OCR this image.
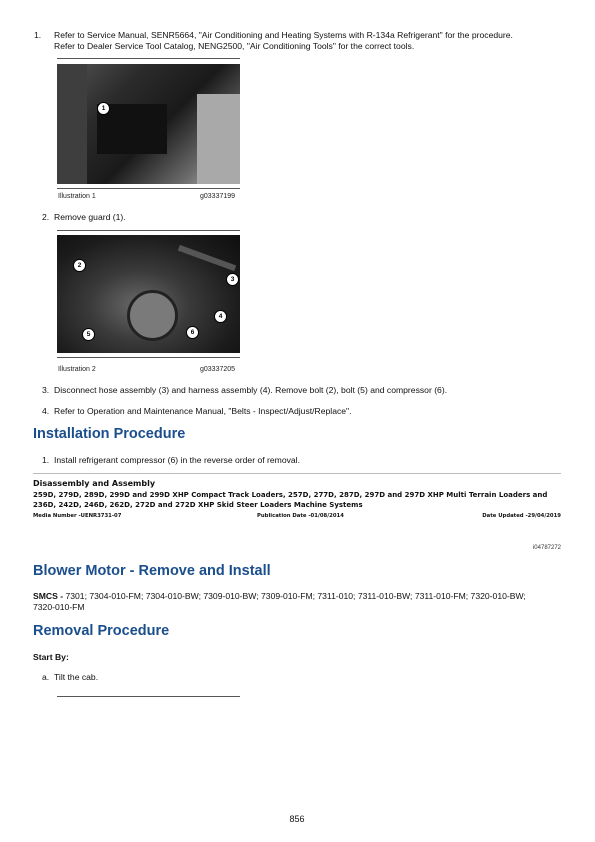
1. Refer to Service Manual, SENR5664, "Air Conditioning and Heating Systems with R-134a Refrigerant" for the procedure.
Refer to Dealer Service Tool Catalog, NENG2500, "Air Conditioning Tools" for the correct tools.
1
Illustration 1	g03337199
2. Remove guard (1).
2
3
4
5	6
Illustration 2	g03337205
3. Disconnect hose assembly (3) and harness assembly (4). Remove bolt (2), bolt (5) and compressor (6).
4. Refer to Operation and Maintenance Manual, "Belts - Inspect/Adjust/Replace".
Installation Procedure
1. Install refrigerant compressor (6) in the reverse order of removal.
Disassembly and Assembly
259D, 279D, 289D, 299D and 299D XHP Compact Track Loaders, 257D, 277D, 287D, 297D and 297D XHP Multi Terrain Loaders and 236D, 242D, 246D, 262D, 272D and 272D XHP Skid Steer Loaders Machine Systems
Media Number -UENR3731-07	Publication Date -01/08/2014	Date Updated -29/04/2019
i04787272
Blower Motor - Remove and Install
SMCS - 7301; 7304-010-FM; 7304-010-BW; 7309-010-BW; 7309-010-FM; 7311-010; 7311-010-BW; 7311-010-FM; 7320-010-BW;
7320-010-FM
Removal Procedure
Start By:
a. Tilt the cab.
856
